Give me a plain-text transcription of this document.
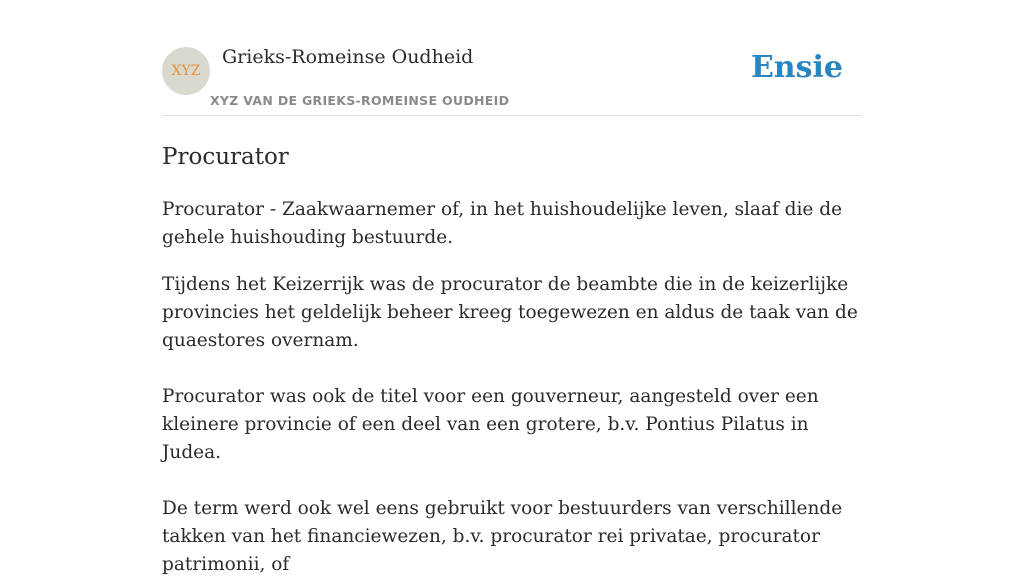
XYZ
Grieks-Romeinse Oudheid
XYZ VAN DE GRIEKS-ROMEINSE OUDHEID
Ensie
Procurator

Procurator - Zaakwaarnemer of, in het huishoudelijke leven, slaaf die de gehele huishouding bestuurde.

Tijdens het Keizerrijk was de procurator de beambte die in de keizerlijke provincies het geldelijk beheer kreeg toegewezen en aldus de taak van de quaestores overnam.

Procurator was ook de titel voor een gouverneur, aangesteld over een kleinere provincie of een deel van een grotere, b.v. Pontius Pilatus in Judea.

De term werd ook wel eens gebruikt voor bestuurders van verschillende takken van het financiewezen, b.v. procurator rei privatae, procurator patrimonii, of
